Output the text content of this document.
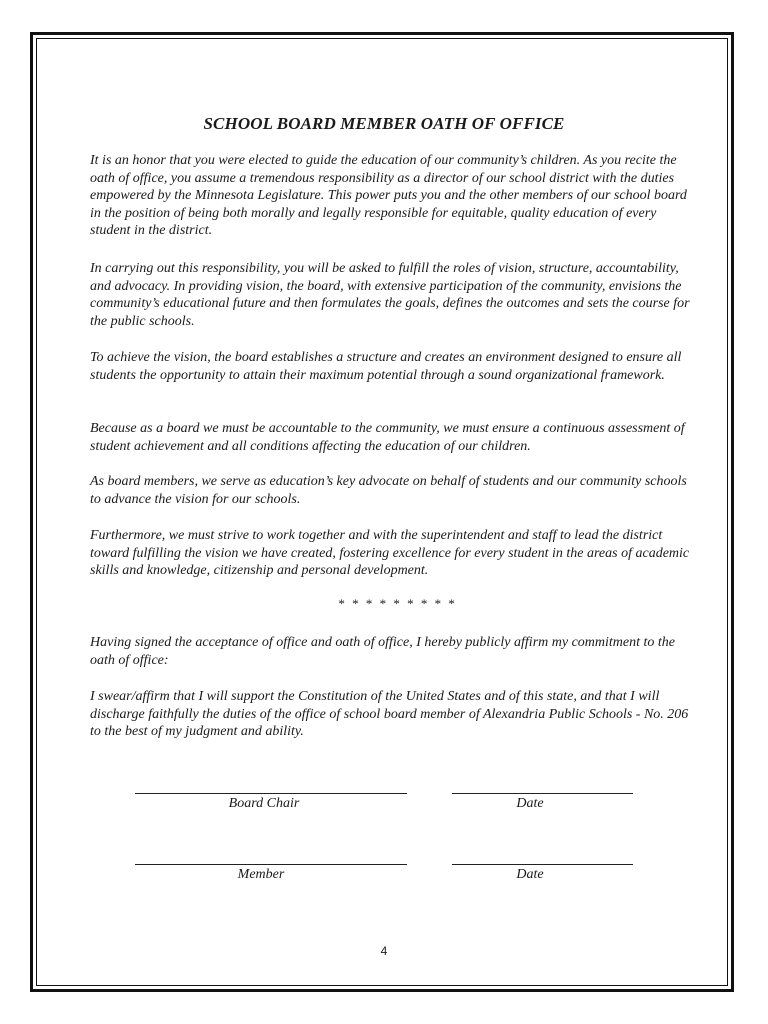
SCHOOL BOARD MEMBER OATH OF OFFICE

It is an honor that you were elected to guide the education of our community’s children. As you recite the oath of office, you assume a tremendous responsibility as a director of our school district with the duties empowered by the Minnesota Legislature. This power puts you and the other members of our school board in the position of being both morally and legally responsible for equitable, quality education of every student in the district.

In carrying out this responsibility, you will be asked to fulfill the roles of vision, structure, accountability, and advocacy. In providing vision, the board, with extensive participation of the community, envisions the community’s educational future and then formulates the goals, defines the outcomes and sets the course for the public schools.

To achieve the vision, the board establishes a structure and creates an environment designed to ensure all students the opportunity to attain their maximum potential through a sound organizational framework.

Because as a board we must be accountable to the community, we must ensure a continuous assessment of student achievement and all conditions affecting the education of our children.

As board members, we serve as education’s key advocate on behalf of students and our community schools to advance the vision for our schools.

Furthermore, we must strive to work together and with the superintendent and staff to lead the district toward fulfilling the vision we have created, fostering excellence for every student in the areas of academic skills and knowledge, citizenship and personal development.

* * * * * * * * *

Having signed the acceptance of office and oath of office, I hereby publicly affirm my commitment to the oath of office:

I swear/affirm that I will support the Constitution of the United States and of this state, and that I will discharge faithfully the duties of the office of school board member of Alexandria Public Schools - No. 206 to the best of my judgment and ability.

Board Chair	Date
Member	Date
4
